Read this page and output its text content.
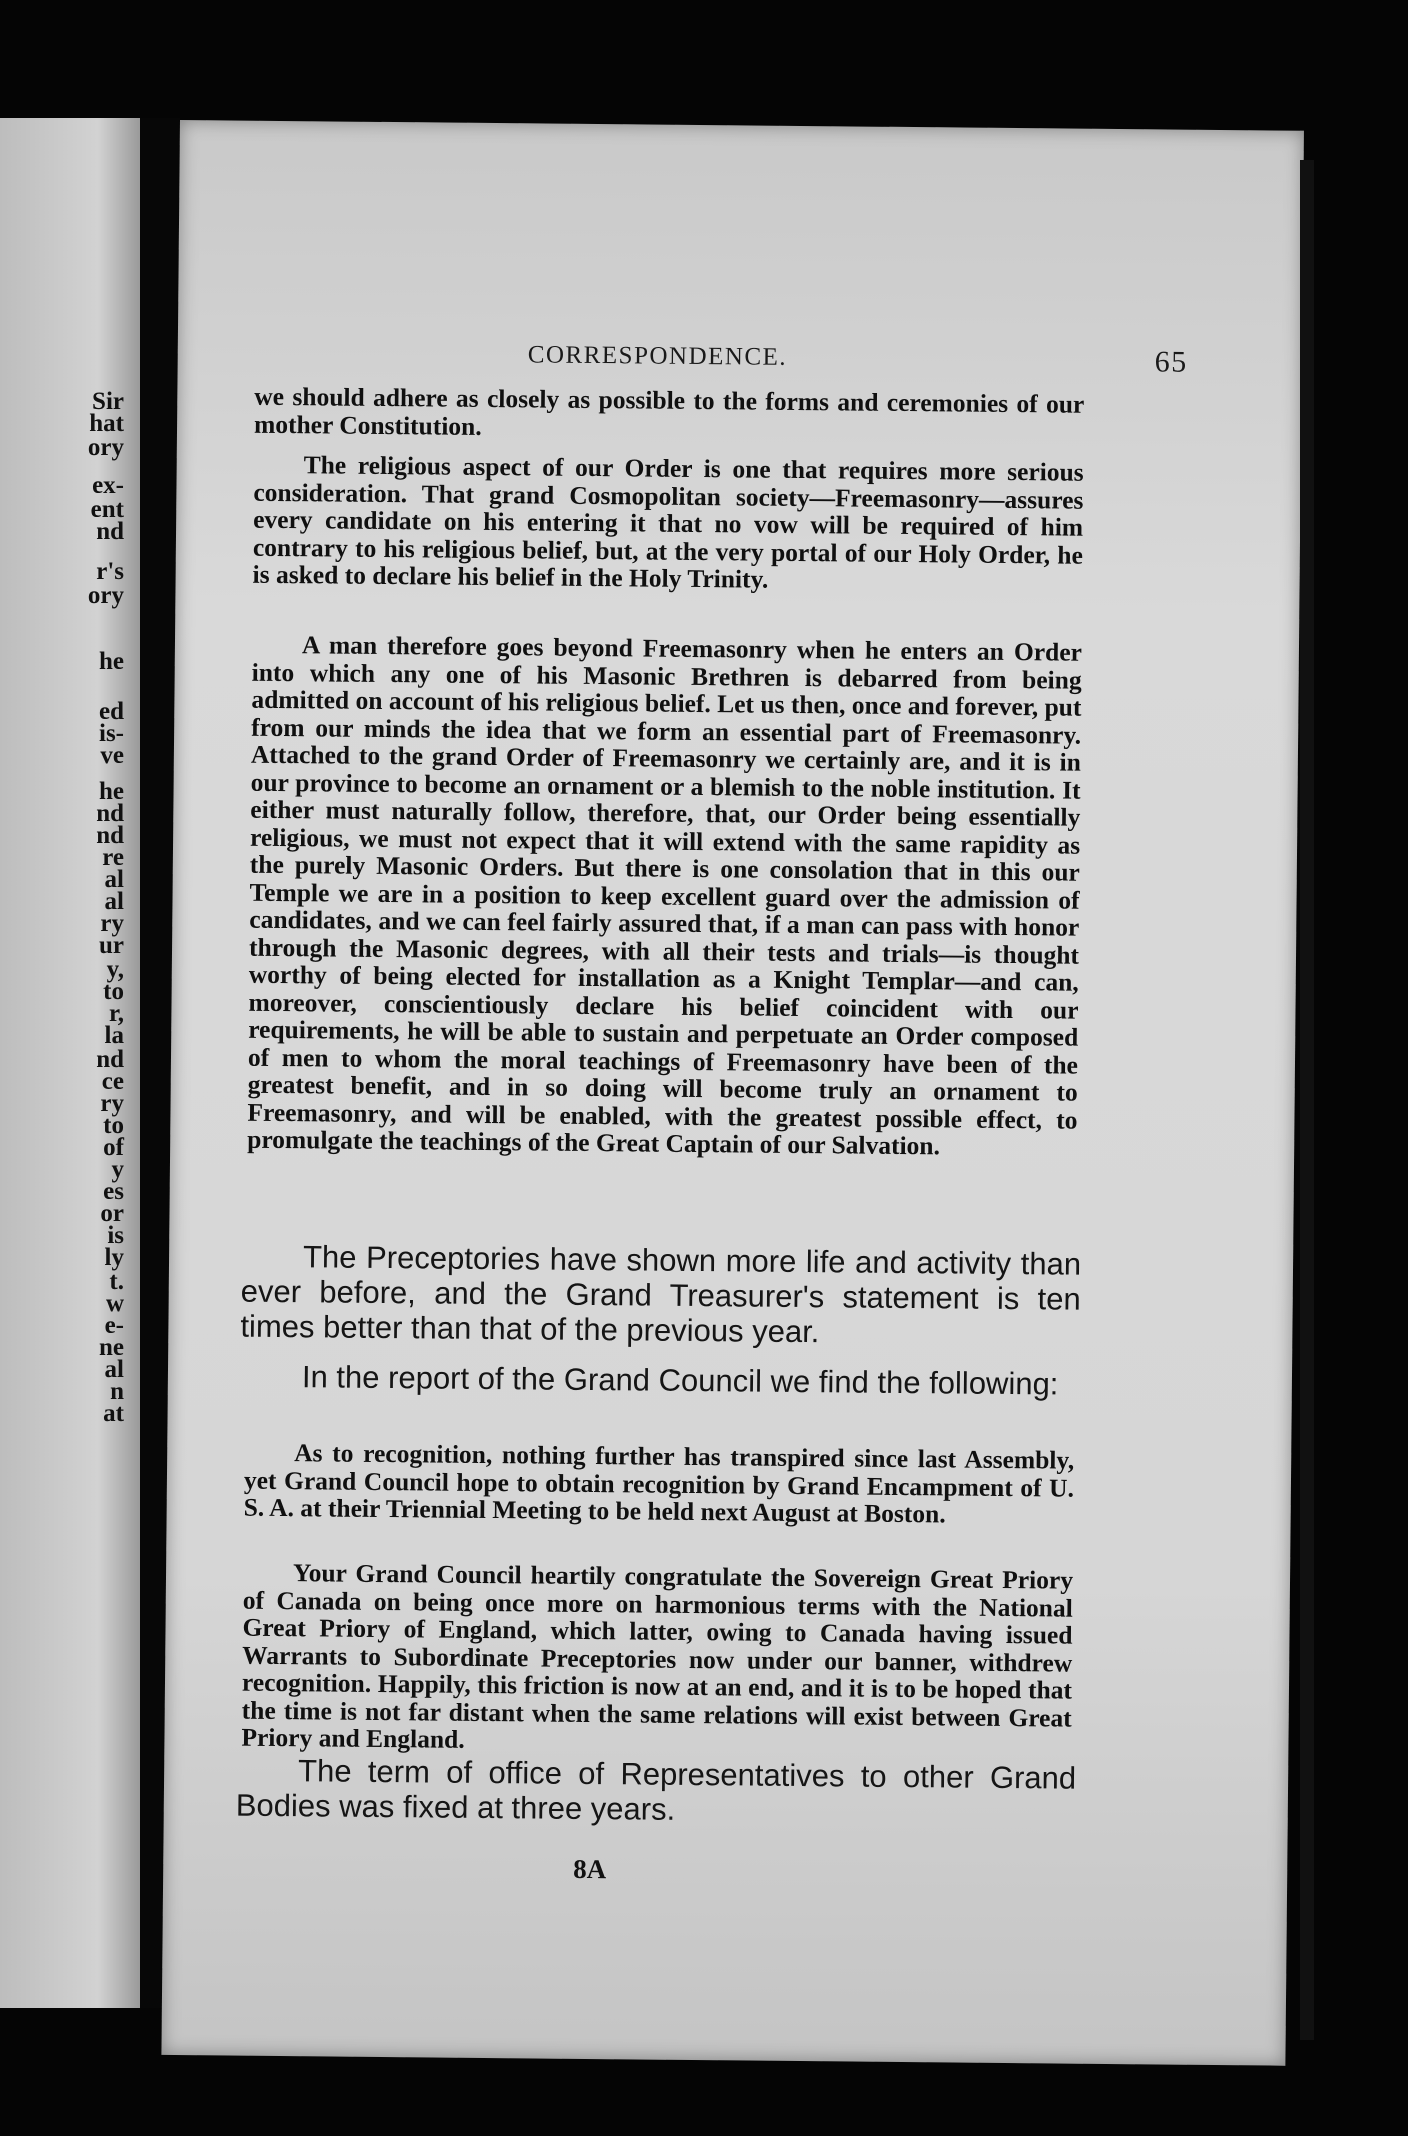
Sir
hat
ory
ex-
ent
nd
r's
ory
he
ed
is-
ve
he
nd
nd
re
al
al
ry
ur
y,
to
r,
la
nd
ce
ry
to
of
y
es
or
is
ly
t.
w
e-
ne
al
n
at
CORRESPONDENCE.	65

we should adhere as closely as possible to the forms and ceremonies of our mother Constitution.

The religious aspect of our Order is one that requires more serious consideration. That grand Cosmopolitan society—Freemasonry—assures every candidate on his entering it that no vow will be required of him contrary to his religious belief, but, at the very portal of our Holy Order, he is asked to declare his belief in the Holy Trinity.

A man therefore goes beyond Freemasonry when he enters an Order into which any one of his Masonic Brethren is debarred from being admitted on account of his religious belief. Let us then, once and forever, put from our minds the idea that we form an essential part of Freemasonry. Attached to the grand Order of Freemasonry we certainly are, and it is in our province to become an ornament or a blemish to the noble institution. It either must naturally follow, therefore, that, our Order being essentially religious, we must not expect that it will extend with the same rapidity as the purely Masonic Orders. But there is one consolation that in this our Temple we are in a position to keep excellent guard over the admission of candidates, and we can feel fairly assured that, if a man can pass with honor through the Masonic degrees, with all their tests and trials—is thought worthy of being elected for installation as a Knight Templar—and can, moreover, conscientiously declare his belief coincident with our requirements, he will be able to sustain and perpetuate an Order composed of men to whom the moral teachings of Freemasonry have been of the greatest benefit, and in so doing will become truly an ornament to Freemasonry, and will be enabled, with the greatest possible effect, to promulgate the teachings of the Great Captain of our Salvation.

The Preceptories have shown more life and activity than ever before, and the Grand Treasurer's statement is ten times better than that of the previous year.

In the report of the Grand Council we find the following:

As to recognition, nothing further has transpired since last Assembly, yet Grand Council hope to obtain recognition by Grand Encampment of U. S. A. at their Triennial Meeting to be held next August at Boston.

Your Grand Council heartily congratulate the Sovereign Great Priory of Canada on being once more on harmonious terms with the National Great Priory of England, which latter, owing to Canada having issued Warrants to Subordinate Preceptories now under our banner, withdrew recognition. Happily, this friction is now at an end, and it is to be hoped that the time is not far distant when the same relations will exist between Great Priory and England.

The term of office of Representatives to other Grand Bodies was fixed at three years.

8A
